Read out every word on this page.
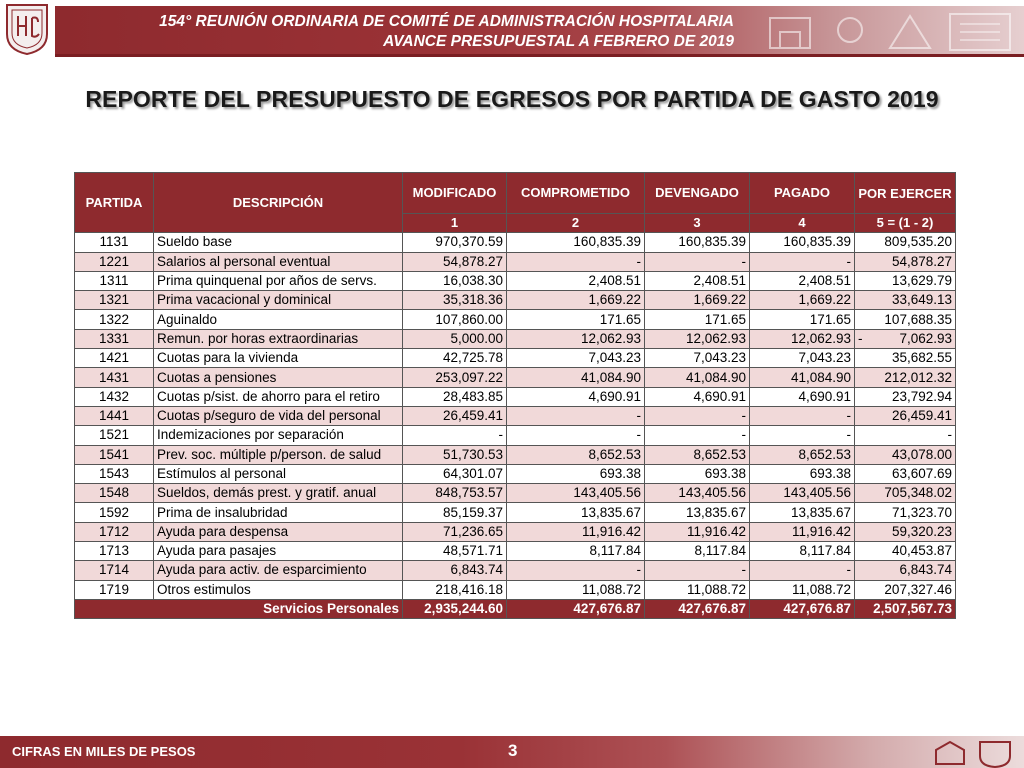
154° REUNIÓN ORDINARIA DE COMITÉ DE ADMINISTRACIÓN HOSPITALARIA
AVANCE PRESUPUESTAL A FEBRERO DE 2019
REPORTE DEL PRESUPUESTO DE EGRESOS POR PARTIDA DE GASTO 2019
PARTIDA	DESCRIPCIÓN	MODIFICADO	COMPROMETIDO	DEVENGADO	PAGADO	POR EJERCER
		1	2	3	4	5 = (1 - 2)
1131	Sueldo base	970,370.59	160,835.39	160,835.39	160,835.39	809,535.20
1221	Salarios al personal eventual	54,878.27	-	-	-	54,878.27
1311	Prima quinquenal por años de servs.	16,038.30	2,408.51	2,408.51	2,408.51	13,629.79
1321	Prima vacacional y dominical	35,318.36	1,669.22	1,669.22	1,669.22	33,649.13
1322	Aguinaldo	107,860.00	171.65	171.65	171.65	107,688.35
1331	Remun. por horas extraordinarias	5,000.00	12,062.93	12,062.93	12,062.93	- 7,062.93
1421	Cuotas para la vivienda	42,725.78	7,043.23	7,043.23	7,043.23	35,682.55
1431	Cuotas a pensiones	253,097.22	41,084.90	41,084.90	41,084.90	212,012.32
1432	Cuotas p/sist. de ahorro para el retiro	28,483.85	4,690.91	4,690.91	4,690.91	23,792.94
1441	Cuotas p/seguro de vida del personal	26,459.41	-	-	-	26,459.41
1521	Indemizaciones por separación	-	-	-	-	-
1541	Prev. soc. múltiple p/person. de salud	51,730.53	8,652.53	8,652.53	8,652.53	43,078.00
1543	Estímulos al personal	64,301.07	693.38	693.38	693.38	63,607.69
1548	Sueldos, demás prest. y gratif. anual	848,753.57	143,405.56	143,405.56	143,405.56	705,348.02
1592	Prima de insalubridad	85,159.37	13,835.67	13,835.67	13,835.67	71,323.70
1712	Ayuda para despensa	71,236.65	11,916.42	11,916.42	11,916.42	59,320.23
1713	Ayuda para pasajes	48,571.71	8,117.84	8,117.84	8,117.84	40,453.87
1714	Ayuda para activ. de esparcimiento	6,843.74	-	-	-	6,843.74
1719	Otros estimulos	218,416.18	11,088.72	11,088.72	11,088.72	207,327.46
Servicios Personales		2,935,244.60	427,676.87	427,676.87	427,676.87	2,507,567.73
CIFRAS EN MILES DE PESOS	3
